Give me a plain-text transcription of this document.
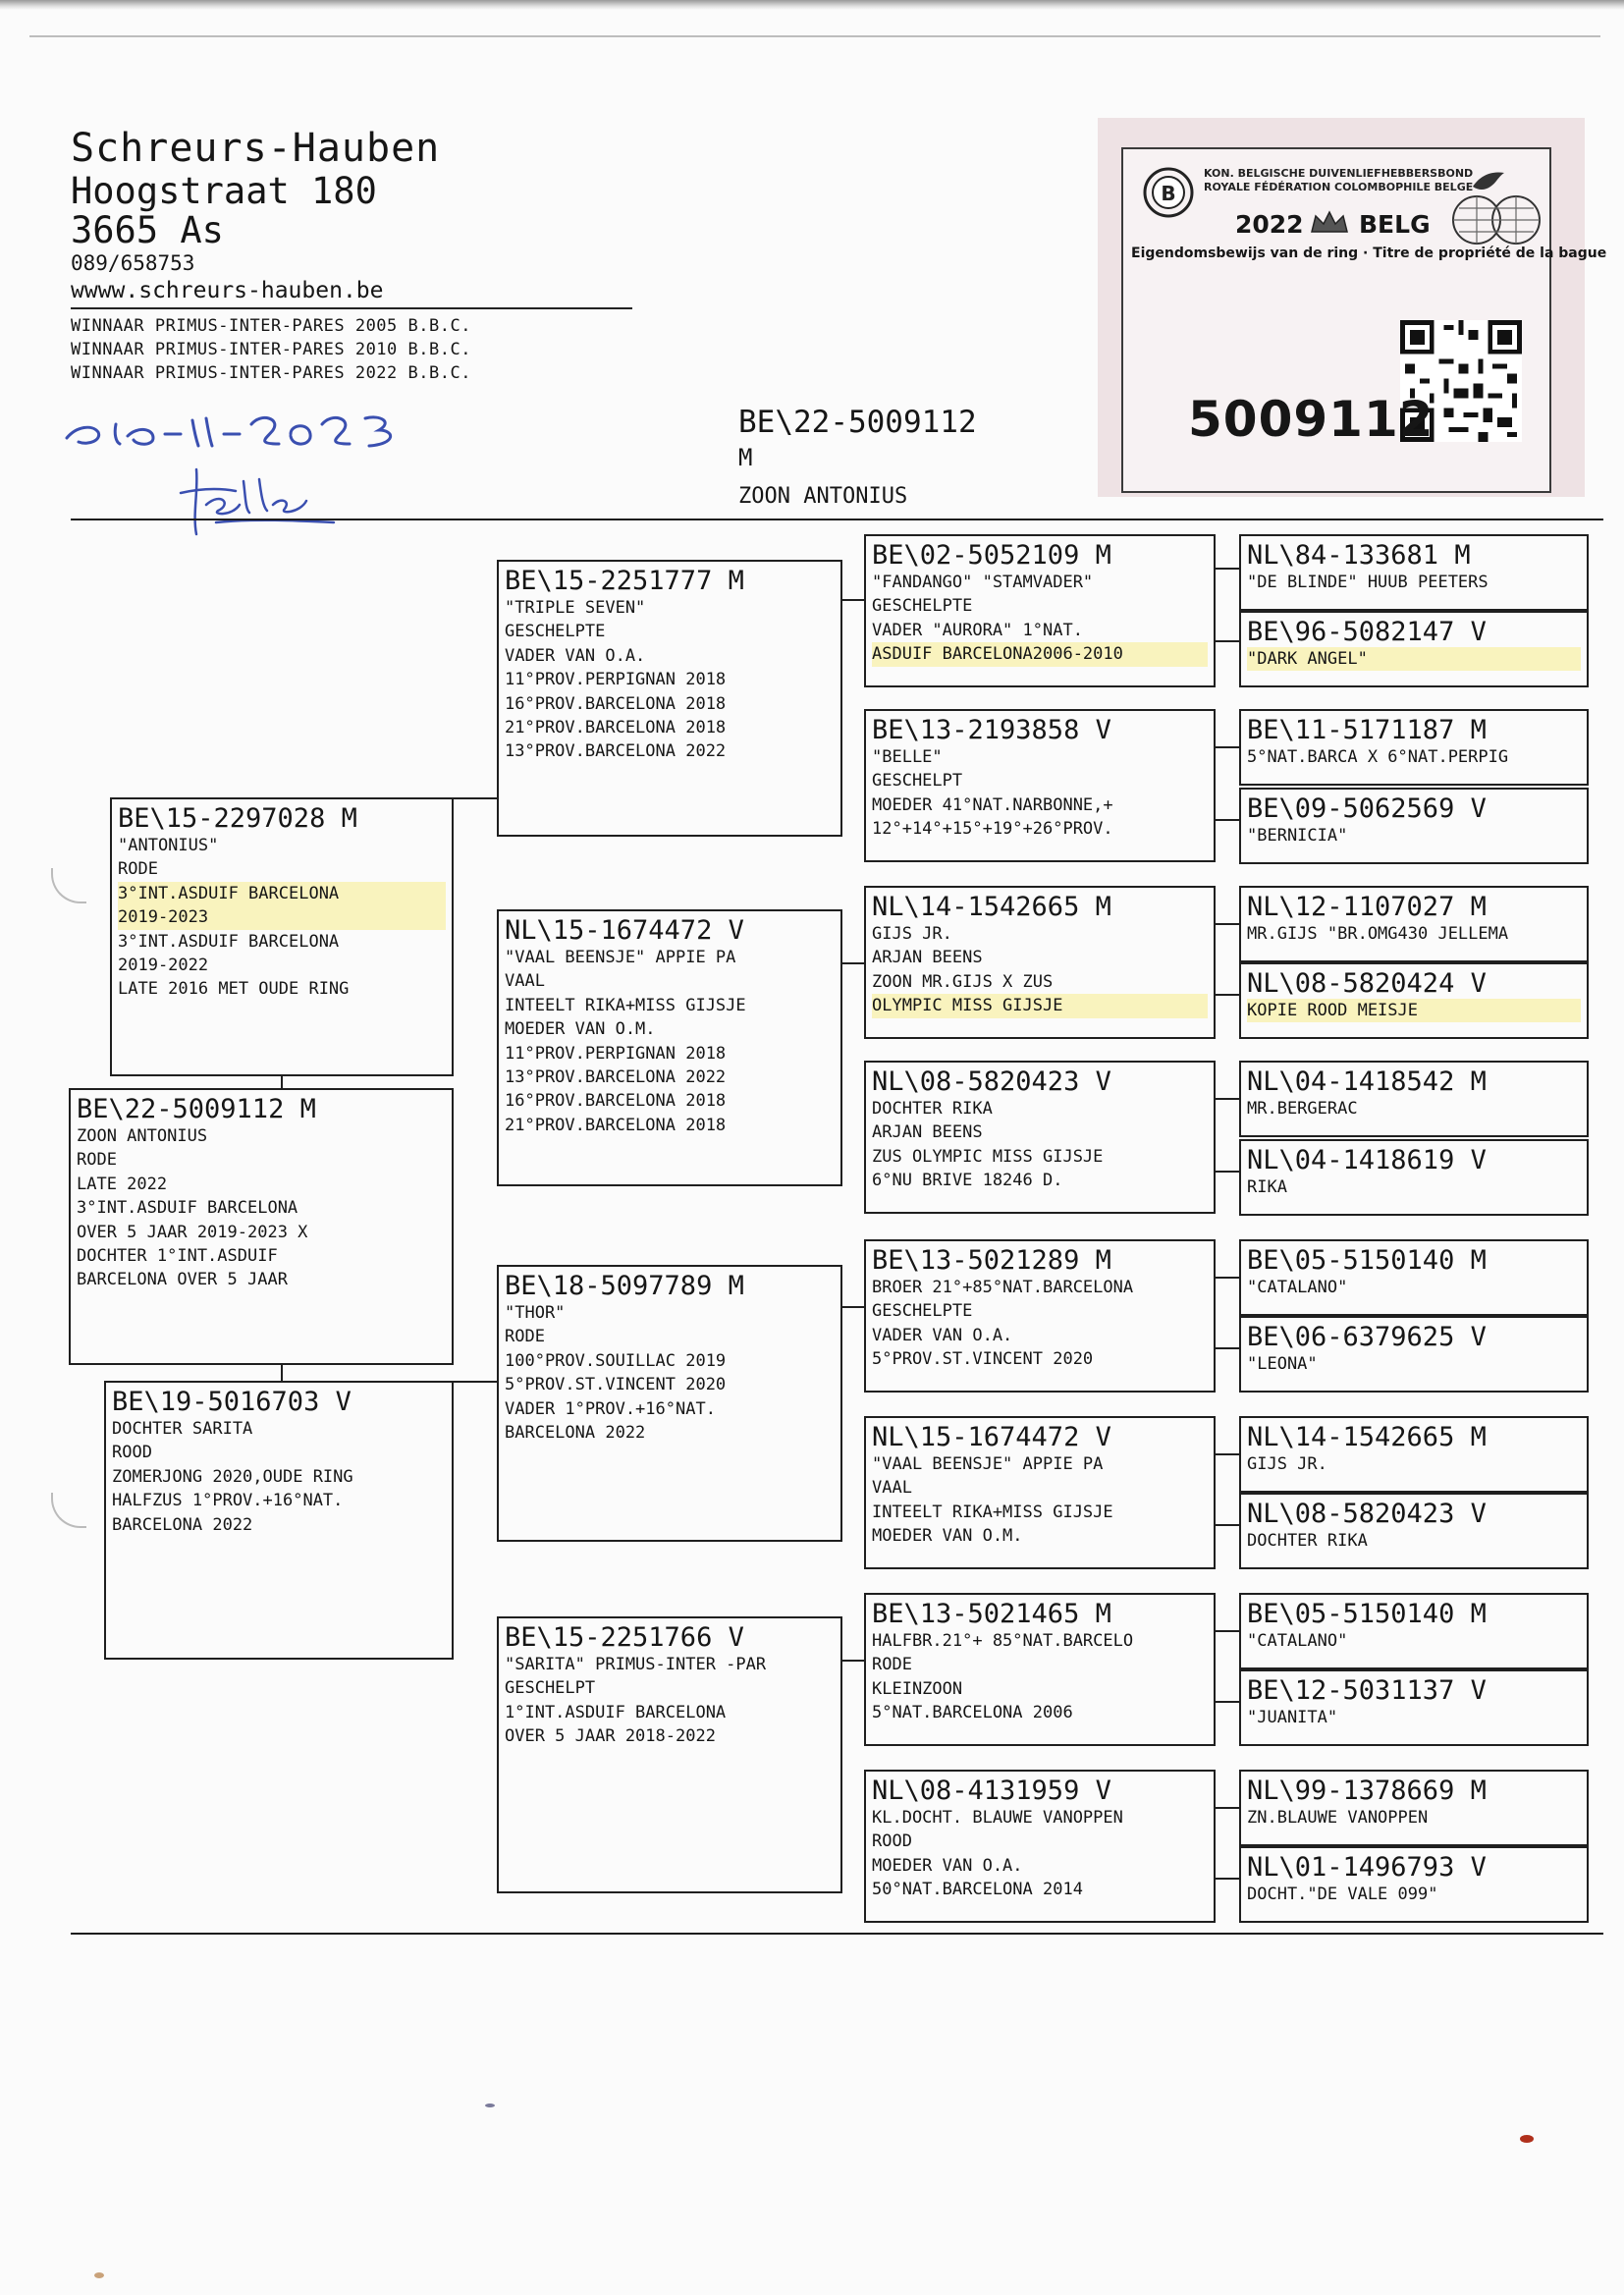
Schreurs-Hauben
Hoogstraat 180
3665 As
089/658753
wwww.schreurs-hauben.be
WINNAAR PRIMUS-INTER-PARES 2005 B.B.C.
WINNAAR PRIMUS-INTER-PARES 2010 B.B.C.
WINNAAR PRIMUS-INTER-PARES 2022 B.B.C.
BE\22-5009112
M
ZOON ANTONIUS
B
KON. BELGISCHE DUIVENLIEFHEBBERSBOND
ROYALE FÉDÉRATION COLOMBOPHILE BELGE
2022 BELG
Eigendomsbewijs van de ring · Titre de propriété de la bague
5009112
BE\22-5009112 M
ZOON ANTONIUS
RODE
LATE 2022
3°INT.ASDUIF BARCELONA
OVER 5 JAAR 2019-2023 X
DOCHTER 1°INT.ASDUIF
BARCELONA OVER 5 JAAR
BE\15-2297028 M
"ANTONIUS"
RODE
3°INT.ASDUIF BARCELONA
2019-2023
3°INT.ASDUIF BARCELONA
2019-2022
LATE 2016 MET OUDE RING
BE\19-5016703 V
DOCHTER SARITA
ROOD
ZOMERJONG 2020,OUDE RING
HALFZUS 1°PROV.+16°NAT.
BARCELONA 2022
BE\15-2251777 M
"TRIPLE SEVEN"
GESCHELPTE
VADER VAN O.A.
11°PROV.PERPIGNAN 2018
16°PROV.BARCELONA 2018
21°PROV.BARCELONA 2018
13°PROV.BARCELONA 2022
NL\15-1674472 V
"VAAL BEENSJE" APPIE PA
VAAL
INTEELT RIKA+MISS GIJSJE
MOEDER VAN O.M.
11°PROV.PERPIGNAN 2018
13°PROV.BARCELONA 2022
16°PROV.BARCELONA 2018
21°PROV.BARCELONA 2018
BE\18-5097789 M
"THOR"
RODE
100°PROV.SOUILLAC 2019
5°PROV.ST.VINCENT 2020
VADER 1°PROV.+16°NAT.
BARCELONA 2022
BE\15-2251766 V
"SARITA" PRIMUS-INTER -PAR
GESCHELPT
1°INT.ASDUIF BARCELONA
OVER 5 JAAR 2018-2022
BE\02-5052109 M
"FANDANGO" "STAMVADER"
GESCHELPTE
VADER "AURORA" 1°NAT.
ASDUIF BARCELONA2006-2010
BE\13-2193858 V
"BELLE"
GESCHELPT
MOEDER 41°NAT.NARBONNE,+
12°+14°+15°+19°+26°PROV.
NL\14-1542665 M
GIJS JR.
ARJAN BEENS
ZOON MR.GIJS X ZUS
OLYMPIC MISS GIJSJE
NL\08-5820423 V
DOCHTER RIKA
ARJAN BEENS
ZUS OLYMPIC MISS GIJSJE
6°NU BRIVE 18246 D.
BE\13-5021289 M
BROER 21°+85°NAT.BARCELONA
GESCHELPTE
VADER VAN O.A.
5°PROV.ST.VINCENT 2020
NL\15-1674472 V
"VAAL BEENSJE" APPIE PA
VAAL
INTEELT RIKA+MISS GIJSJE
MOEDER VAN O.M.
BE\13-5021465 M
HALFBR.21°+ 85°NAT.BARCELO
RODE
KLEINZOON
5°NAT.BARCELONA 2006
NL\08-4131959 V
KL.DOCHT. BLAUWE VANOPPEN
ROOD
MOEDER VAN O.A.
50°NAT.BARCELONA 2014
NL\84-133681 M
"DE BLINDE" HUUB PEETERS
BE\96-5082147 V
"DARK ANGEL"
BE\11-5171187 M
5°NAT.BARCA X 6°NAT.PERPIG
BE\09-5062569 V
"BERNICIA"
NL\12-1107027 M
MR.GIJS "BR.OMG430 JELLEMA
NL\08-5820424 V
KOPIE ROOD MEISJE
NL\04-1418542 M
MR.BERGERAC
NL\04-1418619 V
RIKA
BE\05-5150140 M
"CATALANO"
BE\06-6379625 V
"LEONA"
NL\14-1542665 M
GIJS JR.
NL\08-5820423 V
DOCHTER RIKA
BE\05-5150140 M
"CATALANO"
BE\12-5031137 V
"JUANITA"
NL\99-1378669 M
ZN.BLAUWE VANOPPEN
NL\01-1496793 V
DOCHT."DE VALE 099"
